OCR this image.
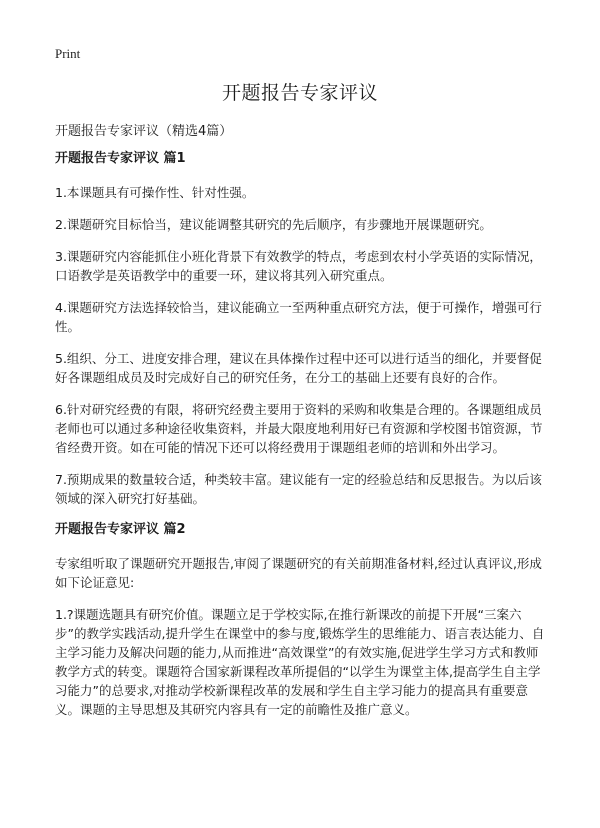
Print
开题报告专家评议

开题报告专家评议（精选4篇）

开题报告专家评议 篇1

1.本课题具有可操作性、针对性强。

2.课题研究目标恰当，建议能调整其研究的先后顺序，有步骤地开展课题研究。

3.课题研究内容能抓住小班化背景下有效教学的特点，考虑到农村小学英语的实际情况，口语教学是英语教学中的重要一环，建议将其列入研究重点。

4.课题研究方法选择较恰当，建议能确立一至两种重点研究方法，便于可操作，增强可行性。

5.组织、分工、进度安排合理，建议在具体操作过程中还可以进行适当的细化，并要督促好各课题组成员及时完成好自己的研究任务，在分工的基础上还要有良好的合作。

6.针对研究经费的有限，将研究经费主要用于资料的采购和收集是合理的。各课题组成员老师也可以通过多种途径收集资料，并最大限度地利用好已有资源和学校图书馆资源，节省经费开资。如在可能的情况下还可以将经费用于课题组老师的培训和外出学习。

7.预期成果的数量较合适，种类较丰富。建议能有一定的经验总结和反思报告。为以后该领域的深入研究打好基础。

开题报告专家评议 篇2

专家组听取了课题研究开题报告,审阅了课题研究的有关前期准备材料,经过认真评议,形成如下论证意见:

1.?课题选题具有研究价值。课题立足于学校实际,在推行新课改的前提下开展“三案六步”的教学实践活动,提升学生在课堂中的参与度,锻炼学生的思维能力、语言表达能力、自主学习能力及解决问题的能力,从而推进“高效课堂”的有效实施,促进学生学习方式和教师教学方式的转变。课题符合国家新课程改革所提倡的“以学生为课堂主体,提高学生自主学习能力”的总要求,对推动学校新课程改革的发展和学生自主学习能力的提高具有重要意义。课题的主导思想及其研究内容具有一定的前瞻性及推广意义。
